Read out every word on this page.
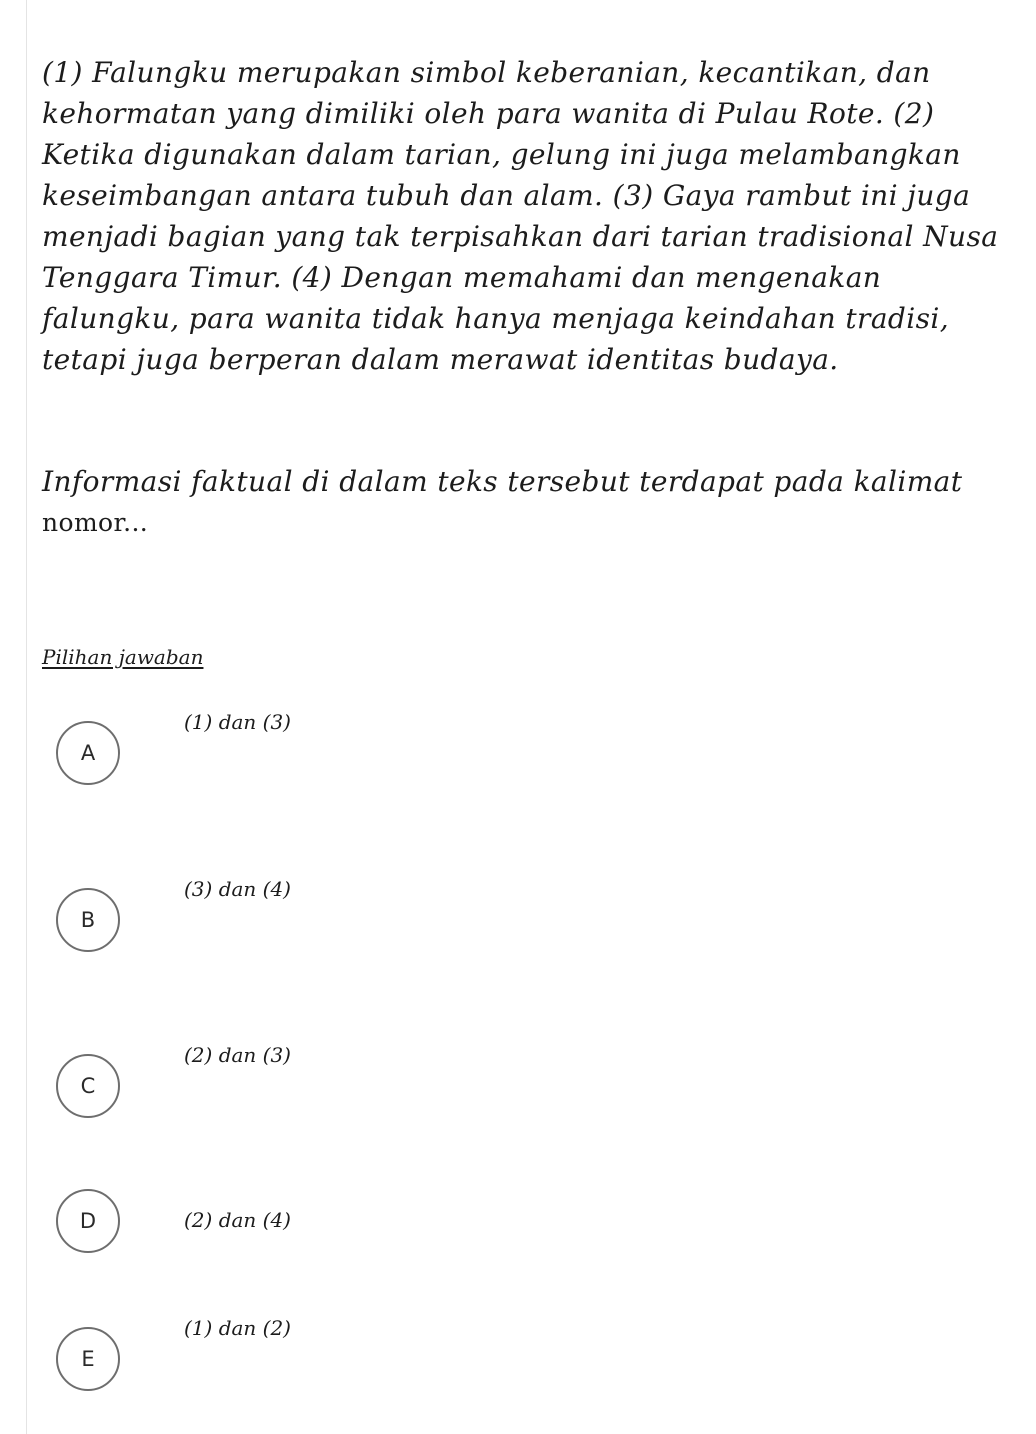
(1) Falungku merupakan simbol keberanian, kecantikan, dan kehormatan yang dimiliki oleh para wanita di Pulau Rote. (2) Ketika digunakan dalam tarian, gelung ini juga melambangkan keseimbangan antara tubuh dan alam. (3) Gaya rambut ini juga menjadi bagian yang tak terpisahkan dari tarian tradisional Nusa Tenggara Timur. (4) Dengan memahami dan mengenakan falungku, para wanita tidak hanya menjaga keindahan tradisi, tetapi juga berperan dalam merawat identitas budaya.

Informasi faktual di dalam teks tersebut terdapat pada kalimat
nomor...

Pilihan jawaban
A
(1) dan (3)
B
(3) dan (4)
C
(2) dan (3)
D	(2) dan (4)
E
(1) dan (2)
